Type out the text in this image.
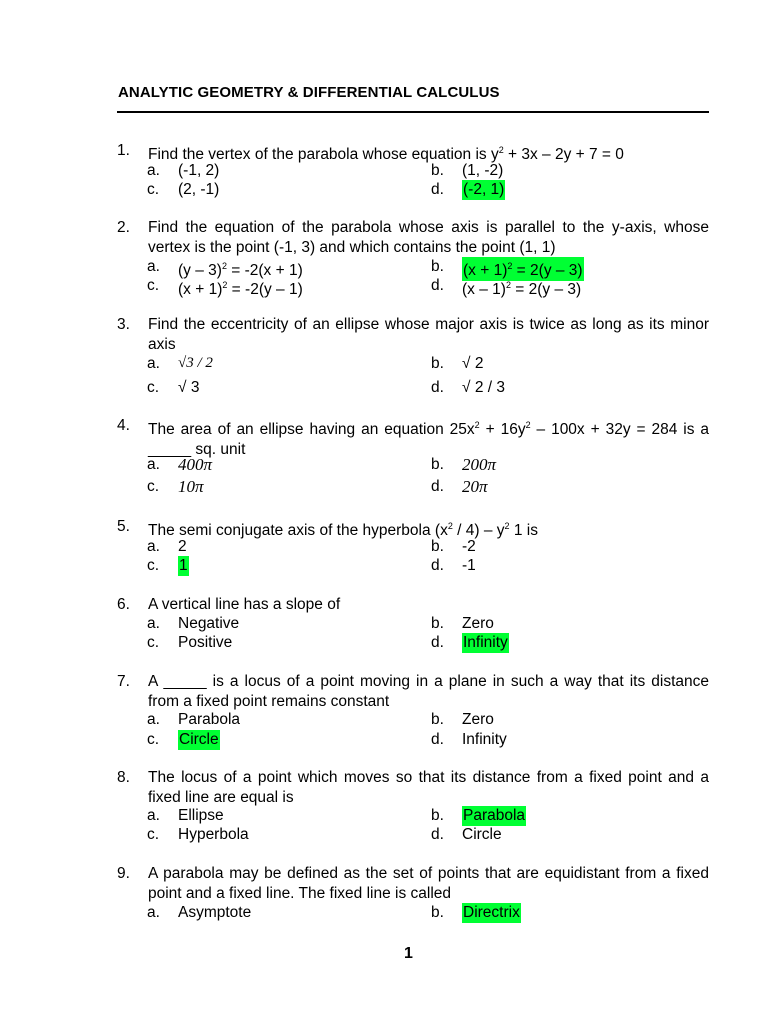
ANALYTIC GEOMETRY & DIFFERENTIAL CALCULUS
1. Find the vertex of the parabola whose equation is $y^2 + 3x - 2y + 7 = 0$
a. (-1, 2)	b. (1, -2)
c. (2, -1)	d. (-2, 1)
2. Find the equation of the parabola whose axis is parallel to the y-axis, whose vertex is the point (-1, 3) and which contains the point (1, 1)
a. (y – 3)$^2$ = -2(x + 1)	b. $(x + 1)^2 = 2(y - 3)$
c. $(x + 1)^2 = -2(y - 1)$	d. (x – 1)$^2$ = 2(y – 3)
3. Find the eccentricity of an ellipse whose major axis is twice as long as its minor axis
a. √3 / 2	b. √ 2
c. √ 3	d. √ 2 / 3
4. The area of an ellipse having an equation $25x^2 + 16y^2 - 100x + 32y = 284$ is a _____ sq. unit
a. 400π	b. 200π
c. 10π	d. 20π
5. The semi conjugate axis of the hyperbola $(x^2 / 4) - y^2$ 1 is
a. 2	b. -2
c. 1	d. -1
6. A vertical line has a slope of
a. Negative	b. Zero
c. Positive	d. Infinity
7. A _____ is a locus of a point moving in a plane in such a way that its distance from a fixed point remains constant
a. Parabola	b. Zero
c. Circle	d. Infinity
8. The locus of a point which moves so that its distance from a fixed point and a fixed line are equal is
a. Ellipse	b. Parabola
c. Hyperbola	d. Circle
9. A parabola may be defined as the set of points that are equidistant from a fixed point and a fixed line. The fixed line is called
a. Asymptote	b. Directrix
1
